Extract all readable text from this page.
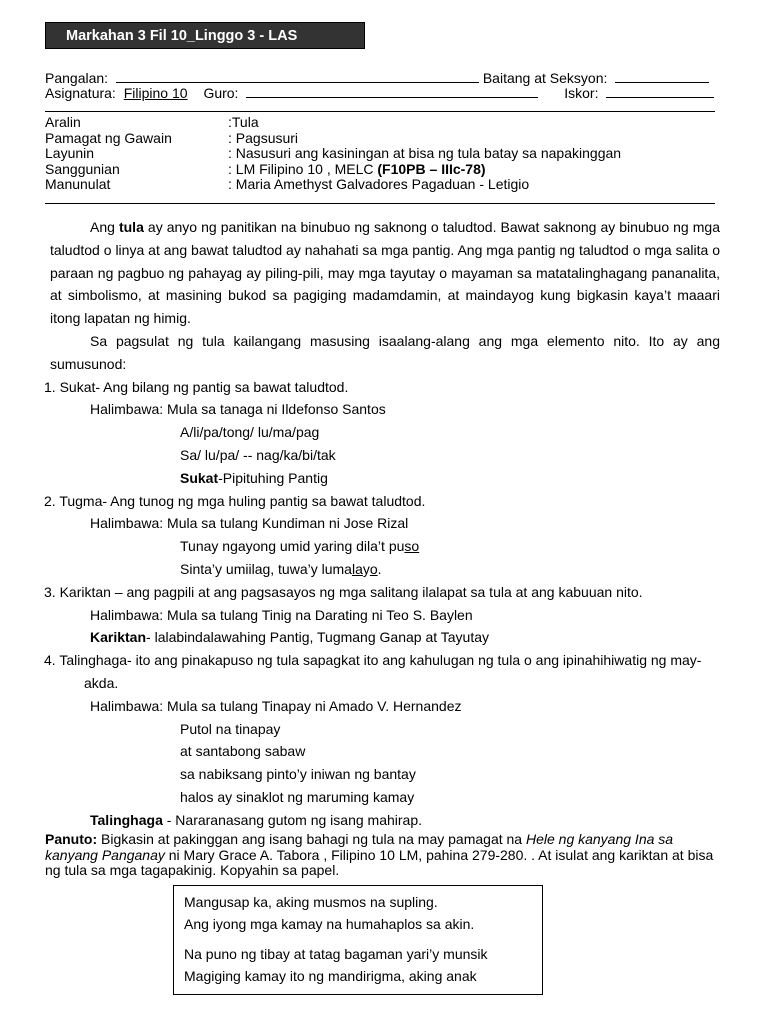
Markahan 3 Fil 10_Linggo 3 - LAS
Pangalan:	Baitang at Seksyon:
Asignatura: Filipino 10 Guro:	Iskor:
Aralin	:Tula
Pamagat ng Gawain	: Pagsusuri
Layunin	: Nasusuri ang kasiningan at bisa ng tula batay sa napakinggan
Sanggunian	: LM Filipino 10 , MELC (F10PB – IIIc-78)
Manunulat	: Maria Amethyst Galvadores Pagaduan - Letigio

Ang tula ay anyo ng panitikan na binubuo ng saknong o taludtod. Bawat saknong ay binubuo ng mga taludtod o linya at ang bawat taludtod ay nahahati sa mga pantig. Ang mga pantig ng taludtod o mga salita o paraan ng pagbuo ng pahayag ay piling-pili, may mga tayutay o mayaman sa matatalinghagang pananalita, at simbolismo, at masining bukod sa pagiging madamdamin, at maindayog kung bigkasin kaya’t maaari itong lapatan ng himig.

Sa pagsulat ng tula kailangang masusing isaalang-alang ang mga elemento nito. Ito ay ang sumusunod:

1. Sukat- Ang bilang ng pantig sa bawat taludtod.

Halimbawa: Mula sa tanaga ni Ildefonso Santos

A/li/pa/tong/ lu/ma/pag

Sa/ lu/pa/ -- nag/ka/bi/tak

Sukat-Pipituhing Pantig

2. Tugma- Ang tunog ng mga huling pantig sa bawat taludtod.

Halimbawa: Mula sa tulang Kundiman ni Jose Rizal

Tunay ngayong umid yaring dila’t puso

Sinta’y umiilag, tuwa’y lumalayo.

3. Kariktan – ang pagpili at ang pagsasayos ng mga salitang ilalapat sa tula at ang kabuuan nito.

Halimbawa: Mula sa tulang Tinig na Darating ni Teo S. Baylen

Kariktan- lalabindalawahing Pantig, Tugmang Ganap at Tayutay

4. Talinghaga- ito ang pinakapuso ng tula sapagkat ito ang kahulugan ng tula o ang ipinahihiwatig ng may-akda.

Halimbawa: Mula sa tulang Tinapay ni Amado V. Hernandez

Putol na tinapay

at santabong sabaw

sa nabiksang pinto’y iniwan ng bantay

halos ay sinaklot ng maruming kamay

Talinghaga - Nararanasang gutom ng isang mahirap.

Panuto: Bigkasin at pakinggan ang isang bahagi ng tula na may pamagat na Hele ng kanyang Ina sa kanyang Panganay ni Mary Grace A. Tabora , Filipino 10 LM, pahina 279-280. . At isulat ang kariktan at bisa ng tula sa mga tagapakinig. Kopyahin sa papel.

Mangusap ka, aking musmos na supling.

Ang iyong mga kamay na humahaplos sa akin.

Na puno ng tibay at tatag bagaman yari’y munsik

Magiging kamay ito ng mandirigma, aking anak
